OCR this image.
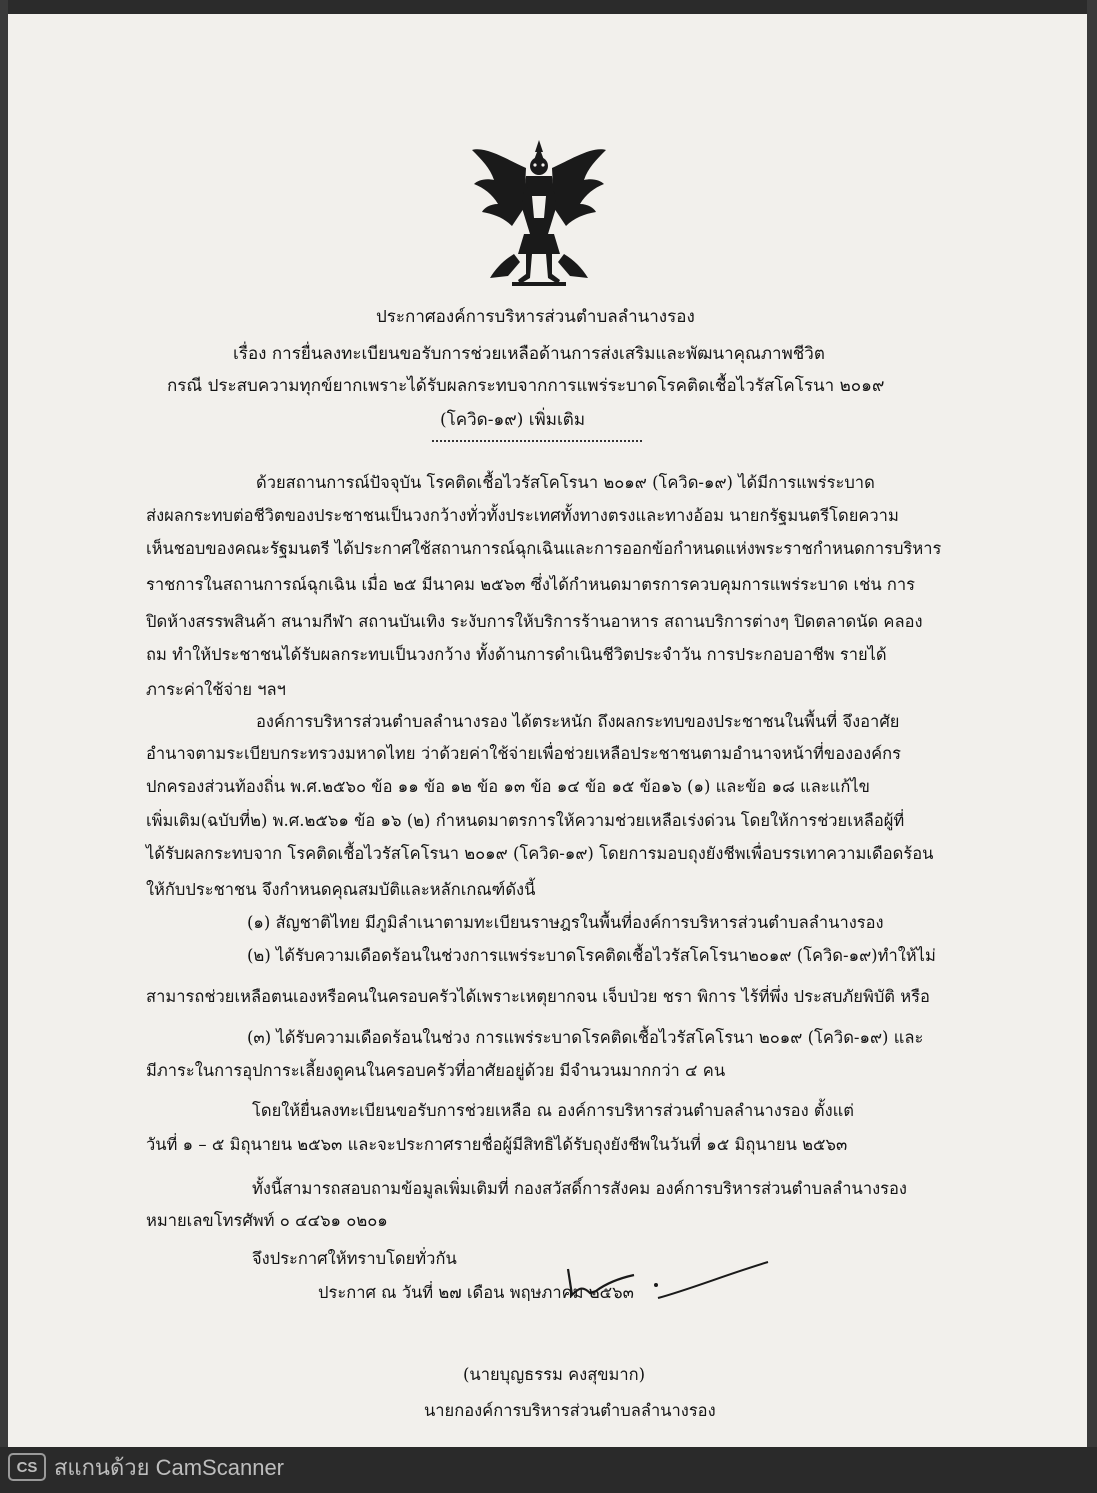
ประกาศองค์การบริหารส่วนตำบลลำนางรอง
เรื่อง การยื่นลงทะเบียนขอรับการช่วยเหลือด้านการส่งเสริมและพัฒนาคุณภาพชีวิต
กรณี ประสบความทุกข์ยากเพราะได้รับผลกระทบจากการแพร่ระบาดโรคติดเชื้อไวรัสโคโรนา ๒๐๑๙
(โควิด-๑๙) เพิ่มเติม
ด้วยสถานการณ์ปัจจุบัน โรคติดเชื้อไวรัสโคโรนา ๒๐๑๙ (โควิด-๑๙) ได้มีการแพร่ระบาด
ส่งผลกระทบต่อชีวิตของประชาชนเป็นวงกว้างทั่วทั้งประเทศทั้งทางตรงและทางอ้อม นายกรัฐมนตรีโดยความ
เห็นชอบของคณะรัฐมนตรี ได้ประกาศใช้สถานการณ์ฉุกเฉินและการออกข้อกำหนดแห่งพระราชกำหนดการบริหาร
ราชการในสถานการณ์ฉุกเฉิน เมื่อ ๒๕ มีนาคม ๒๕๖๓ ซึ่งได้กำหนดมาตรการควบคุมการแพร่ระบาด เช่น การ
ปิดห้างสรรพสินค้า สนามกีฬา สถานบันเทิง ระงับการให้บริการร้านอาหาร สถานบริการต่างๆ ปิดตลาดนัด คลอง
ถม ทำให้ประชาชนได้รับผลกระทบเป็นวงกว้าง ทั้งด้านการดำเนินชีวิตประจำวัน การประกอบอาชีพ รายได้
ภาระค่าใช้จ่าย ฯลฯ
องค์การบริหารส่วนตำบลลำนางรอง ได้ตระหนัก ถึงผลกระทบของประชาชนในพื้นที่ จึงอาศัย
อำนาจตามระเบียบกระทรวงมหาดไทย ว่าด้วยค่าใช้จ่ายเพื่อช่วยเหลือประชาชนตามอำนาจหน้าที่ขององค์กร
ปกครองส่วนท้องถิ่น พ.ศ.๒๕๖๐ ข้อ ๑๑ ข้อ ๑๒ ข้อ ๑๓ ข้อ ๑๔ ข้อ ๑๕ ข้อ๑๖ (๑) และข้อ ๑๘ และแก้ไข
เพิ่มเติม(ฉบับที่๒) พ.ศ.๒๕๖๑ ข้อ ๑๖ (๒) กำหนดมาตรการให้ความช่วยเหลือเร่งด่วน โดยให้การช่วยเหลือผู้ที่
ได้รับผลกระทบจาก โรคติดเชื้อไวรัสโคโรนา ๒๐๑๙ (โควิด-๑๙) โดยการมอบถุงยังชีพเพื่อบรรเทาความเดือดร้อน
ให้กับประชาชน จึงกำหนดคุณสมบัติและหลักเกณฑ์ดังนี้
(๑) สัญชาติไทย มีภูมิลำเนาตามทะเบียนราษฎรในพื้นที่องค์การบริหารส่วนตำบลลำนางรอง
(๒) ได้รับความเดือดร้อนในช่วงการแพร่ระบาดโรคติดเชื้อไวรัสโคโรนา๒๐๑๙ (โควิด-๑๙)ทำให้ไม่
สามารถช่วยเหลือตนเองหรือคนในครอบครัวได้เพราะเหตุยากจน เจ็บป่วย ชรา พิการ ไร้ที่พึ่ง ประสบภัยพิบัติ หรือ
(๓) ได้รับความเดือดร้อนในช่วง การแพร่ระบาดโรคติดเชื้อไวรัสโคโรนา ๒๐๑๙ (โควิด-๑๙) และ
มีภาระในการอุปการะเลี้ยงดูคนในครอบครัวที่อาศัยอยู่ด้วย มีจำนวนมากกว่า ๔ คน
โดยให้ยื่นลงทะเบียนขอรับการช่วยเหลือ ณ องค์การบริหารส่วนตำบลลำนางรอง ตั้งแต่
วันที่ ๑ – ๕ มิถุนายน ๒๕๖๓ และจะประกาศรายชื่อผู้มีสิทธิได้รับถุงยังชีพในวันที่ ๑๕ มิถุนายน ๒๕๖๓
ทั้งนี้สามารถสอบถามข้อมูลเพิ่มเติมที่ กองสวัสดิ์การสังคม องค์การบริหารส่วนตำบลลำนางรอง
หมายเลขโทรศัพท์ ๐ ๔๔๖๑ ๐๒๐๑
จึงประกาศให้ทราบโดยทั่วกัน
ประกาศ ณ วันที่ ๒๗ เดือน พฤษภาคม ๒๕๖๓
(นายบุญธรรม คงสุขมาก)
นายกองค์การบริหารส่วนตำบลลำนางรอง
CS สแกนด้วย CamScanner
